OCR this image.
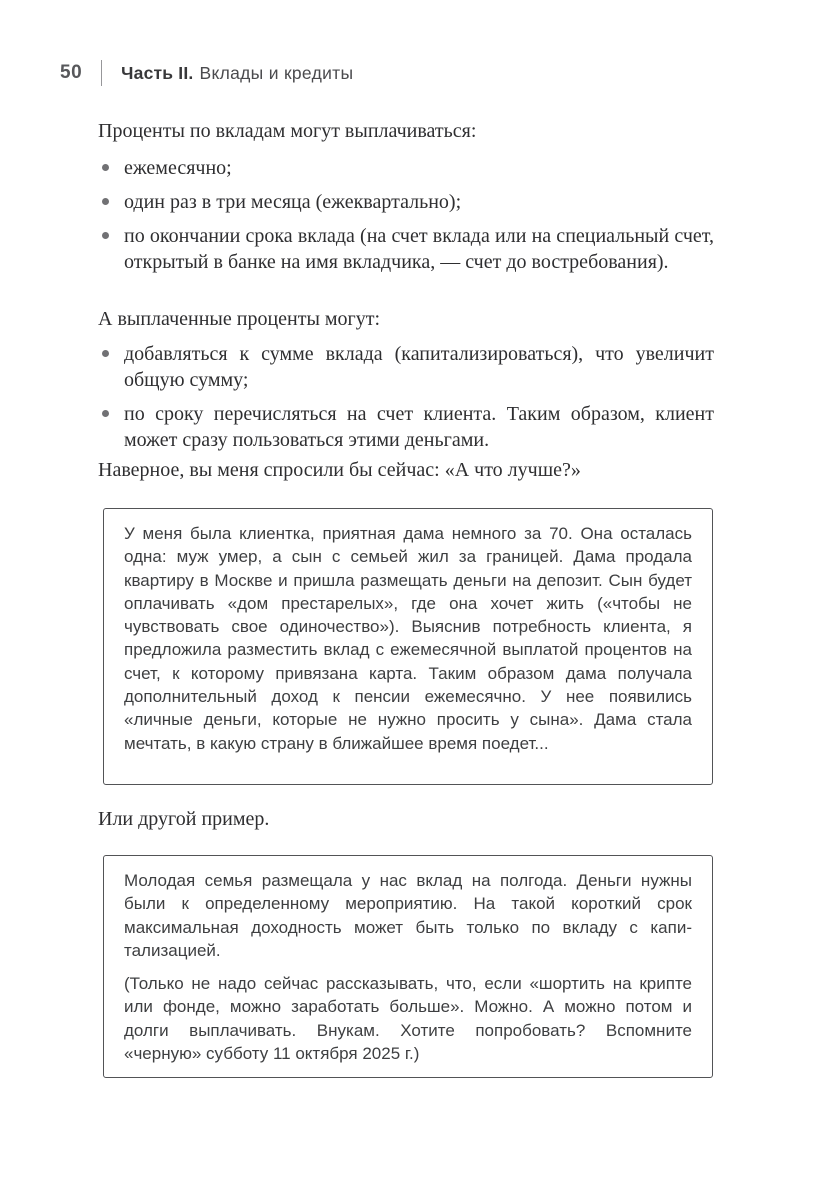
50 Часть II. Вклады и кредиты

Проценты по вкладам могут выплачиваться:

ежемесячно;
один раз в три месяца (ежеквартально);
по окончании срока вклада (на счет вклада или на специальный счет, открытый в банке на имя вкладчика, — счет до востребования).

А выплаченные проценты могут:

добавляться к сумме вклада (капитализироваться), что увеличит общую сумму;
по сроку перечисляться на счет клиента. Таким образом, клиент может сразу пользоваться этими деньгами.

Наверное, вы меня спросили бы сейчас: «А что лучше?»

У меня была клиентка, приятная дама немного за 70. Она осталась одна: муж умер, а сын с семьей жил за границей. Дама продала квартиру в Москве и пришла размещать деньги на депозит. Сын будет оплачивать «дом престарелых», где она хочет жить («чтобы не чувствовать свое одиночество»). Выяснив потребность клиента, я предложила разместить вклад с ежемесячной выплатой процентов на счет, к которому привязана карта. Таким образом дама получала дополнительный доход к пенсии ежемесячно. У нее появились «личные деньги, которые не нужно просить у сына». Дама стала мечтать, в какую страну в ближайшее время поедет...

Или другой пример.

Молодая семья размещала у нас вклад на полгода. Деньги нужны были к определенному мероприятию. На такой короткий срок максимальная доходность может быть только по вкладу с капитализацией.

(Только не надо сейчас рассказывать, что, если «шортить на крипте или фонде, можно заработать больше». Можно. А можно потом и долги выплачивать. Внукам. Хотите попробовать? Вспомните «черную» субботу 11 октября 2025 г.)
